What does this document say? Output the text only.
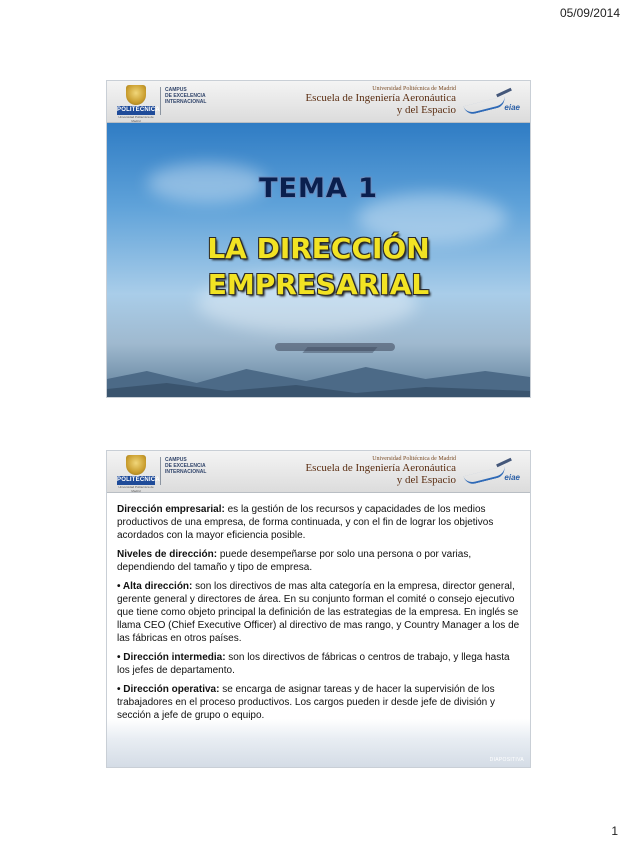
05/09/2014
POLITÉCNICA
Universidad Politécnica de Madrid
CAMPUS
DE EXCELENCIA
INTERNACIONAL
Universidad Politécnica de Madrid
Escuela de Ingeniería Aeronáutica
y del Espacio	eiae
TEMA 1
LA DIRECCIÓN
EMPRESARIAL
POLITÉCNICA
Universidad Politécnica de Madrid
CAMPUS
DE EXCELENCIA
INTERNACIONAL
Universidad Politécnica de Madrid
Escuela de Ingeniería Aeronáutica
y del Espacio	eiae

Dirección empresarial: es la gestión de los recursos y capacidades de los medios productivos de una empresa, de forma continuada, y con el fin de lograr los objetivos acordados con la mayor eficiencia posible.

Niveles de dirección: puede desempeñarse por solo una persona o por varias, dependiendo del tamaño y tipo de empresa.

• Alta dirección: son los directivos de mas alta categoría en la empresa, director general, gerente general y directores de área. En su conjunto forman el comité o consejo ejecutivo que tiene como objeto principal la definición de las estrategias de la empresa. En inglés se llama CEO (Chief Executive Officer) al directivo de mas rango, y Country Manager a los de las fábricas en otros países.

• Dirección intermedia: son los directivos de fábricas o centros de trabajo, y llega hasta los jefes de departamento.

• Dirección operativa: se encarga de asignar tareas y de hacer la supervisión de los trabajadores en el proceso productivos. Los cargos pueden ir desde jefe de división y sección a jefe de grupo o equipo.

DIAPOSITIVA
1
